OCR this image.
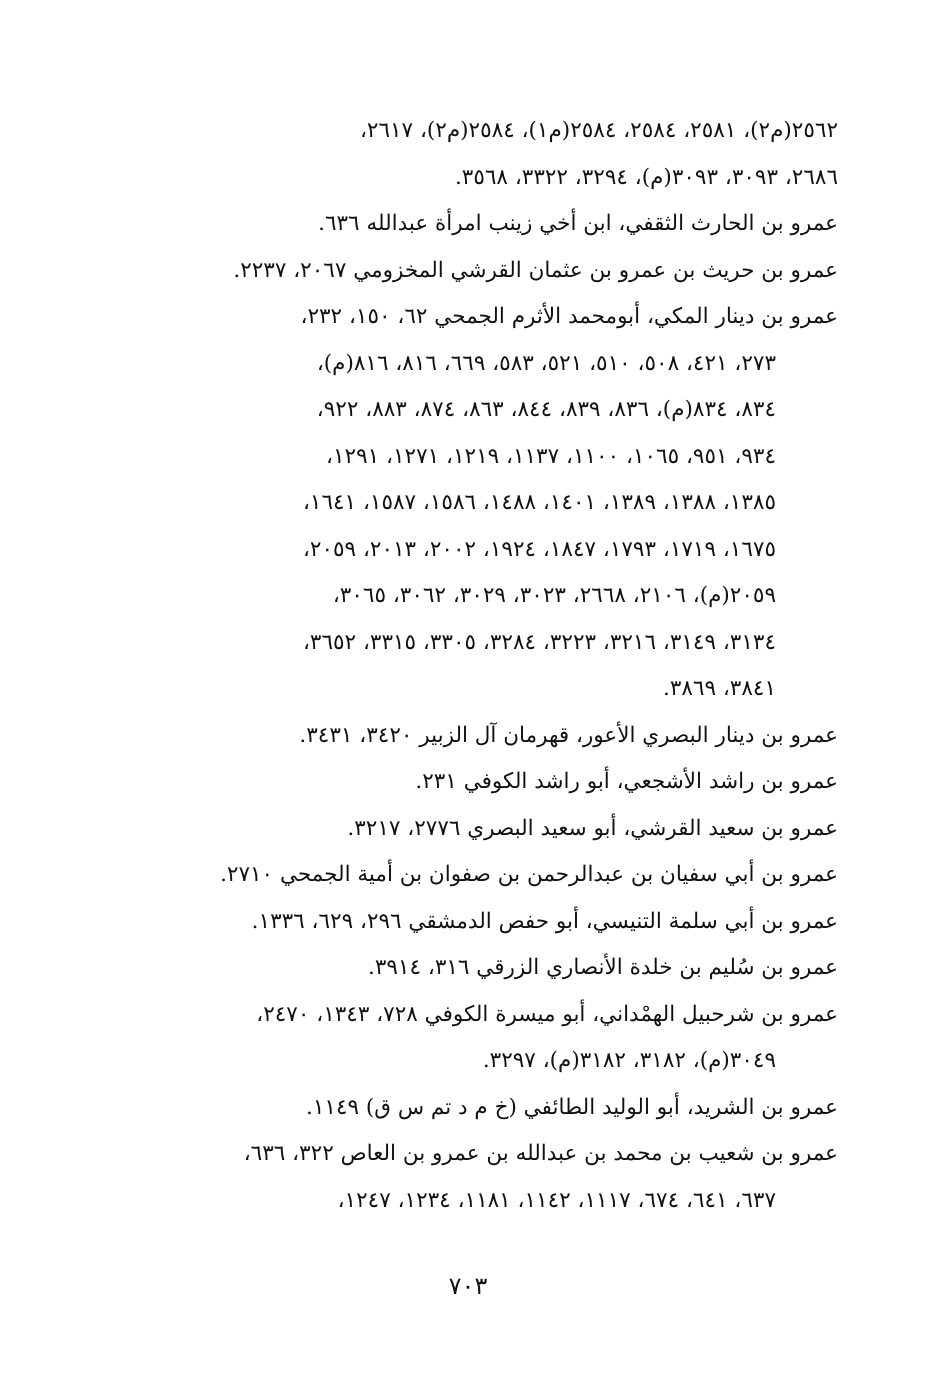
٢٥٦٢(م٢)، ٢٥٨١، ٢٥٨٤، ٢٥٨٤(م١)، ٢٥٨٤(م٢)، ٢٦١٧،
٢٦٨٦، ٣٠٩٣، ٣٠٩٣(م)، ٣٢٩٤، ٣٣٢٢، ٣٥٦٨.
عمرو بن الحارث الثقفي، ابن أخي زينب امرأة عبدالله ٦٣٦.
عمرو بن حريث بن عمرو بن عثمان القرشي المخزومي ٢٠٦٧، ٢٢٣٧.
عمرو بن دينار المكي، أبومحمد الأثرم الجمحي ٦٢، ١٥٠، ٢٣٢،
٢٧٣، ٤٢١، ٥٠٨، ٥١٠، ٥٢١، ٥٨٣، ٦٦٩، ٨١٦، ٨١٦(م)،
٨٣٤، ٨٣٤(م)، ٨٣٦، ٨٣٩، ٨٤٤، ٨٦٣، ٨٧٤، ٨٨٣، ٩٢٢،
٩٣٤، ٩٥١، ١٠٦٥، ١١٠٠، ١١٣٧، ١٢١٩، ١٢٧١، ١٢٩١،
١٣٨٥، ١٣٨٨، ١٣٨٩، ١٤٠١، ١٤٨٨، ١٥٨٦، ١٥٨٧، ١٦٤١،
١٦٧٥، ١٧١٩، ١٧٩٣، ١٨٤٧، ١٩٢٤، ٢٠٠٢، ٢٠١٣، ٢٠٥٩،
٢٠٥٩(م)، ٢١٠٦، ٢٦٦٨، ٣٠٢٣، ٣٠٢٩، ٣٠٦٢، ٣٠٦٥،
٣١٣٤، ٣١٤٩، ٣٢١٦، ٣٢٢٣، ٣٢٨٤، ٣٣٠٥، ٣٣١٥، ٣٦٥٢،
٣٨٤١، ٣٨٦٩.
عمرو بن دينار البصري الأعور، قهرمان آل الزبير ٣٤٢٠، ٣٤٣١.
عمرو بن راشد الأشجعي، أبو راشد الكوفي ٢٣١.
عمرو بن سعيد القرشي، أبو سعيد البصري ٢٧٧٦، ٣٢١٧.
عمرو بن أبي سفيان بن عبدالرحمن بن صفوان بن أمية الجمحي ٢٧١٠.
عمرو بن أبي سلمة التنيسي، أبو حفص الدمشقي ٢٩٦، ٦٢٩، ١٣٣٦.
عمرو بن سُليم بن خلدة الأنصاري الزرقي ٣١٦، ٣٩١٤.
عمرو بن شرحبيل الهمْداني، أبو ميسرة الكوفي ٧٢٨، ١٣٤٣، ٢٤٧٠،
٣٠٤٩(م)، ٣١٨٢، ٣١٨٢(م)، ٣٢٩٧.
عمرو بن الشريد، أبو الوليد الطائفي (خ م د تم س ق) ١١٤٩.
عمرو بن شعيب بن محمد بن عبدالله بن عمرو بن العاص ٣٢٢، ٦٣٦،
٦٣٧، ٦٤١، ٦٧٤، ١١١٧، ١١٤٢، ١١٨١، ١٢٣٤، ١٢٤٧،
٧٠٣
